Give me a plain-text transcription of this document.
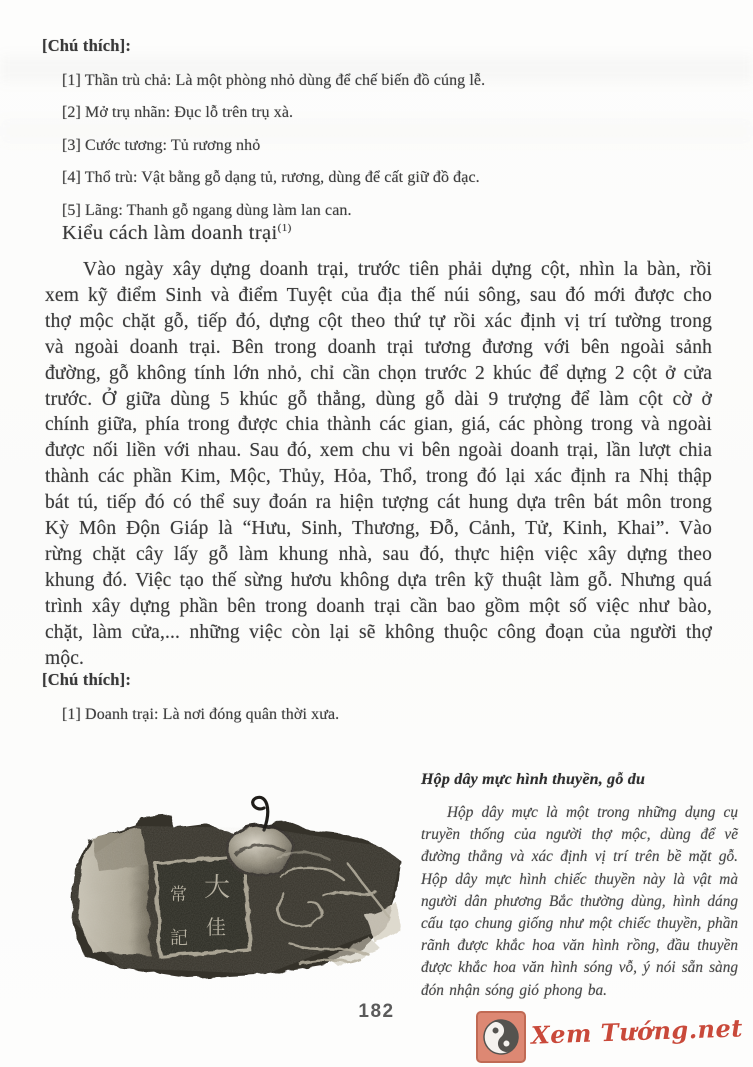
[Chú thích]:
[1] Thần trù chả: Là một phòng nhỏ dùng để chế biến đồ cúng lễ.
[2] Mở trụ nhãn: Đục lỗ trên trụ xà.
[3] Cước tương: Tủ rương nhỏ
[4] Thổ trù: Vật bằng gỗ dạng tủ, rương, dùng để cất giữ đồ đạc.
[5] Lãng: Thanh gỗ ngang dùng làm lan can.
Kiểu cách làm doanh trại$^{(1)}$
Vào ngày xây dựng doanh trại, trước tiên phải dựng cột, nhìn la bàn, rồi xem kỹ điểm Sinh và điểm Tuyệt của địa thế núi sông, sau đó mới được cho thợ mộc chặt gỗ, tiếp đó, dựng cột theo thứ tự rồi xác định vị trí tường trong và ngoài doanh trại. Bên trong doanh trại tương đương với bên ngoài sảnh đường, gỗ không tính lớn nhỏ, chỉ cần chọn trước 2 khúc để dựng 2 cột ở cửa trước. Ở giữa dùng 5 khúc gỗ thẳng, dùng gỗ dài 9 trượng để làm cột cờ ở chính giữa, phía trong được chia thành các gian, giá, các phòng trong và ngoài được nối liền với nhau. Sau đó, xem chu vi bên ngoài doanh trại, lần lượt chia thành các phần Kim, Mộc, Thủy, Hỏa, Thổ, trong đó lại xác định ra Nhị thập bát tú, tiếp đó có thể suy đoán ra hiện tượng cát hung dựa trên bát môn trong Kỳ Môn Độn Giáp là “Hưu, Sinh, Thương, Đỗ, Cảnh, Tử, Kinh, Khai”. Vào rừng chặt cây lấy gỗ làm khung nhà, sau đó, thực hiện việc xây dựng theo khung đó. Việc tạo thế sừng hươu không dựa trên kỹ thuật làm gỗ. Nhưng quá trình xây dựng phần bên trong doanh trại cần bao gồm một số việc như bào, chặt, làm cửa,... những việc còn lại sẽ không thuộc công đoạn của người thợ mộc.
[Chú thích]:
[1] Doanh trại: Là nơi đóng quân thời xưa.
Hộp dây mực hình thuyền, gỗ du
Hộp dây mực là một trong những dụng cụ truyền thống của người thợ mộc, dùng để vẽ đường thẳng và xác định vị trí trên bề mặt gỗ. Hộp dây mực hình chiếc thuyền này là vật mà người dân phương Bắc thường dùng, hình dáng cấu tạo chung giống như một chiếc thuyền, phần rãnh được khắc hoa văn hình rồng, đầu thuyền được khắc hoa văn hình sóng vỗ, ý nói sẵn sàng đón nhận sóng gió phong ba.
182
Xem Tướng.net
